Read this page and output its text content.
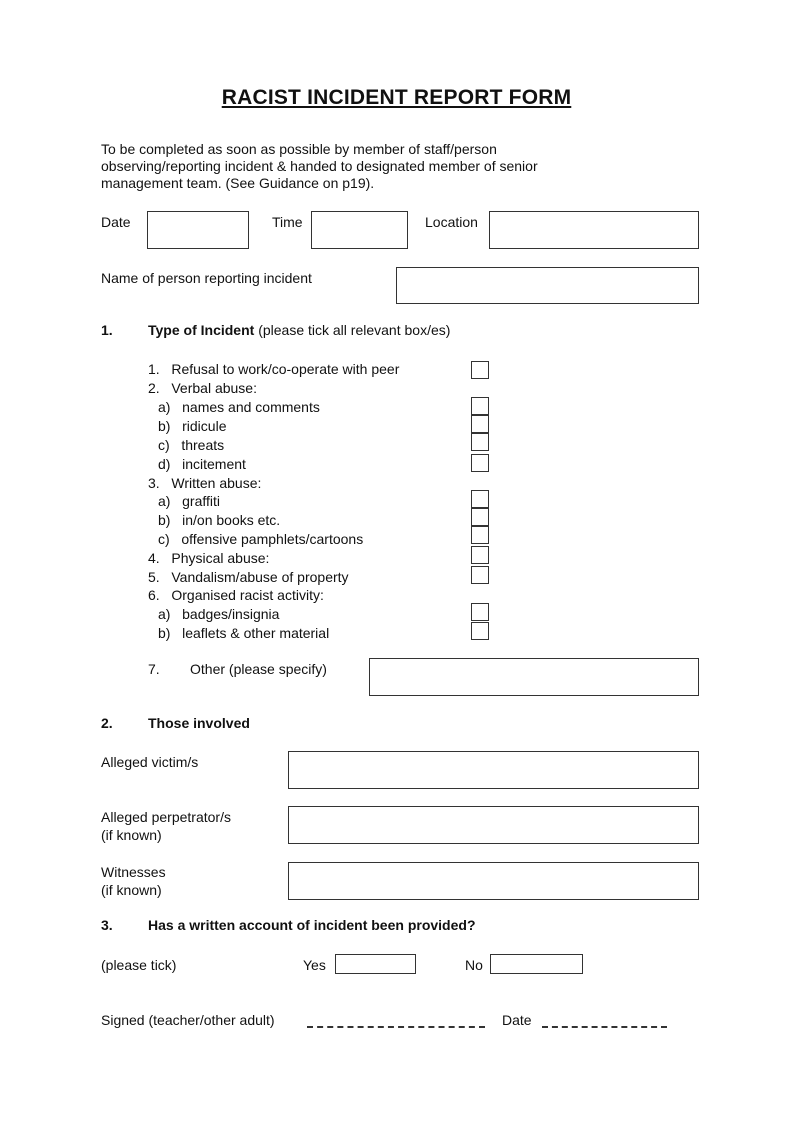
RACIST INCIDENT REPORT FORM
To be completed as soon as possible by member of staff/person
observing/reporting incident & handed to designated member of senior
management team. (See Guidance on p19).
Date	Time	Location
Name of person reporting incident
1.	Type of Incident (please tick all relevant box/es)
1. Refusal to work/co-operate with peer
2. Verbal abuse:
a) names and comments
b) ridicule
c) threats
d) incitement
3. Written abuse:
a) graffiti
b) in/on books etc.
c) offensive pamphlets/cartoons
4. Physical abuse:
5. Vandalism/abuse of property
6. Organised racist activity:
a) badges/insignia
b) leaflets & other material
7. Other (please specify)
2.	Those involved
Alleged victim/s
Alleged perpetrator/s
(if known)
Witnesses
(if known)
3.	Has a written account of incident been provided?
(please tick)	Yes	No
Signed (teacher/other adult)	Date
